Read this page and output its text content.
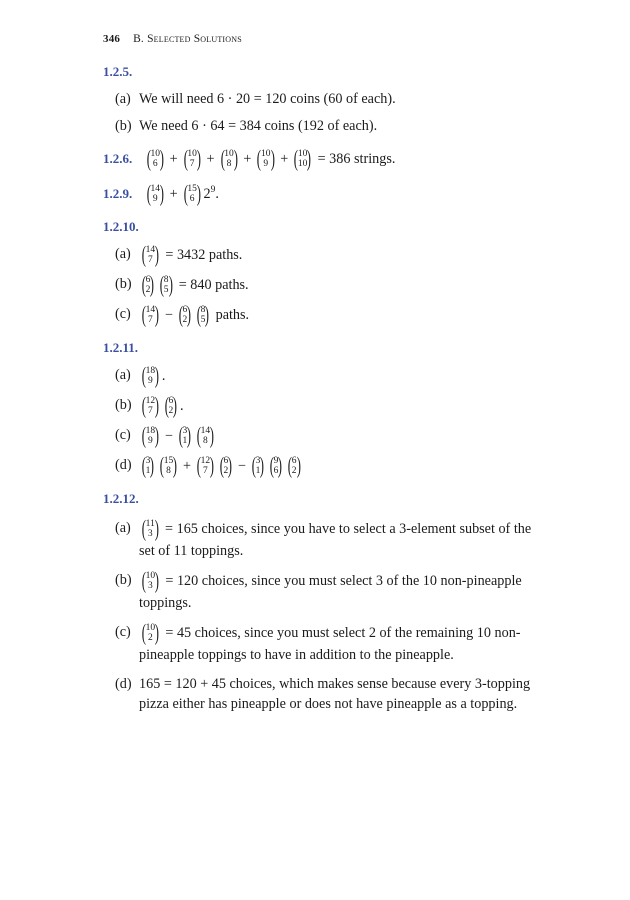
346 B. Selected Solutions
1.2.5.
(a) We will need 6 · 20 = 120 coins (60 of each).
(b) We need 6 · 64 = 384 coins (192 of each).
1.2.6. ( 10
6 ) + ( 10
7 ) + ( 10
8 ) + ( 10
9 ) + ( 10
10 ) = 386 strings.
1.2.9. ( 14
9 ) + ( 15
6 ) $2^9$.
1.2.10.
(a) ( 14
7 ) = 3432 paths.
(b) ( 6
2 ) ( 8
5 ) = 840 paths.
(c) ( 14
7 ) − ( 6
2 ) ( 8
5 ) paths.
1.2.11.
(a) ( 18
9 ) .
(b) ( 12
7 ) ( 6
2 ) .
(c) ( 18
9 ) − ( 3
1 ) ( 14
8 )
(d) ( 3
1 ) ( 15
8 ) + ( 12
7 ) ( 6
2 ) − ( 3
1 ) ( 9
6 ) ( 6
2 )
1.2.12.
(a) ( 11
3 ) = 165 choices, since you have to select a 3-element subset of the set of 11 toppings.
(b) ( 10
3 ) = 120 choices, since you must select 3 of the 10 non-pineapple toppings.
(c) ( 10
2 ) = 45 choices, since you must select 2 of the remaining 10 non-pineapple toppings to have in addition to the pineapple.
(d) 165 = 120 + 45 choices, which makes sense because every 3-topping pizza either has pineapple or does not have pineapple as a topping.
